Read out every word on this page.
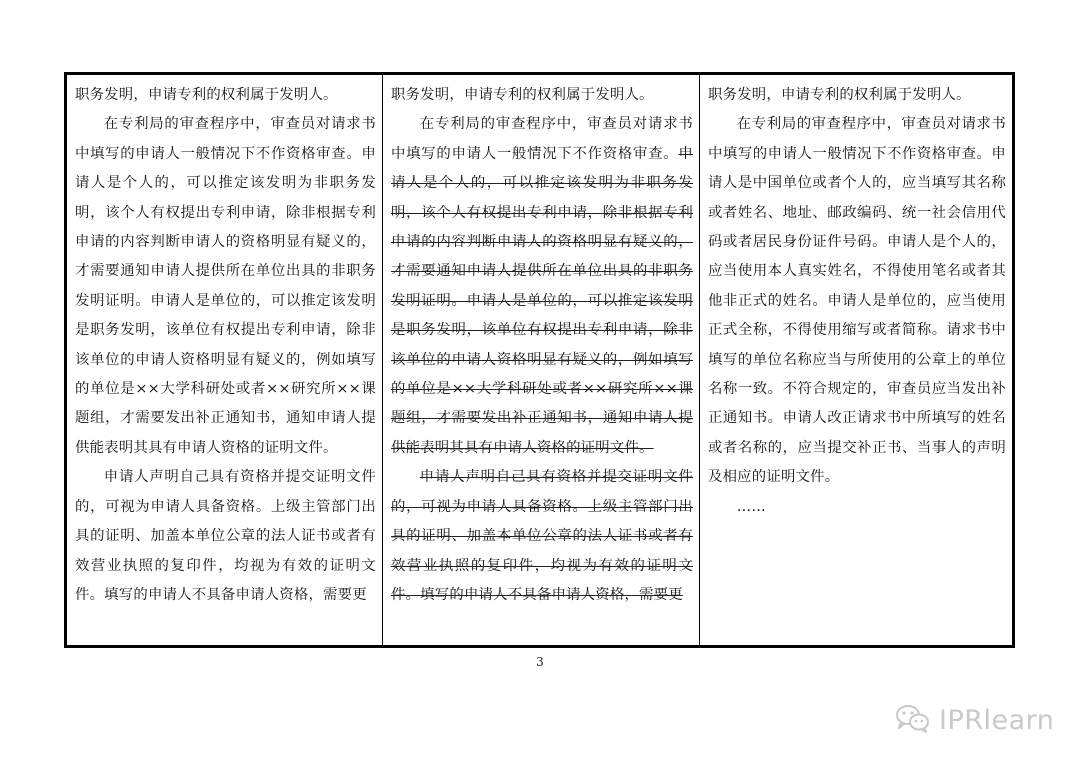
职务发明，申请专利的权利属于发明人。

在专利局的审查程序中，审查员对请求书中填写的申请人一般情况下不作资格审查。申请人是个人的，可以推定该发明为非职务发明，该个人有权提出专利申请，除非根据专利申请的内容判断申请人的资格明显有疑义的，才需要通知申请人提供所在单位出具的非职务发明证明。申请人是单位的，可以推定该发明是职务发明，该单位有权提出专利申请，除非该单位的申请人资格明显有疑义的，例如填写的单位是××大学科研处或者××研究所××课题组，才需要发出补正通知书，通知申请人提供能表明其具有申请人资格的证明文件。

申请人声明自己具有资格并提交证明文件的，可视为申请人具备资格。上级主管部门出具的证明、加盖本单位公章的法人证书或者有效营业执照的复印件，均视为有效的证明文件。填写的申请人不具备申请人资格，需要更

职务发明，申请专利的权利属于发明人。

在专利局的审查程序中，审查员对请求书中填写的申请人一般情况下不作资格审查。申请人是个人的，可以推定该发明为非职务发明，该个人有权提出专利申请，除非根据专利申请的内容判断申请人的资格明显有疑义的，才需要通知申请人提供所在单位出具的非职务发明证明。申请人是单位的，可以推定该发明是职务发明，该单位有权提出专利申请，除非该单位的申请人资格明显有疑义的，例如填写的单位是××大学科研处或者××研究所××课题组，才需要发出补正通知书，通知申请人提供能表明其具有申请人资格的证明文件。

申请人声明自己具有资格并提交证明文件的，可视为申请人具备资格。上级主管部门出具的证明、加盖本单位公章的法人证书或者有效营业执照的复印件，均视为有效的证明文件。填写的申请人不具备申请人资格，需要更

职务发明，申请专利的权利属于发明人。

在专利局的审查程序中，审查员对请求书中填写的申请人一般情况下不作资格审查。申请人是中国单位或者个人的，应当填写其名称或者姓名、地址、邮政编码、统一社会信用代码或者居民身份证件号码。申请人是个人的，应当使用本人真实姓名，不得使用笔名或者其他非正式的姓名。申请人是单位的，应当使用正式全称，不得使用缩写或者简称。请求书中填写的单位名称应当与所使用的公章上的单位名称一致。不符合规定的，审查员应当发出补正通知书。申请人改正请求书中所填写的姓名或者名称的，应当提交补正书、当事人的声明及相应的证明文件。

……

3
IPRlearn
